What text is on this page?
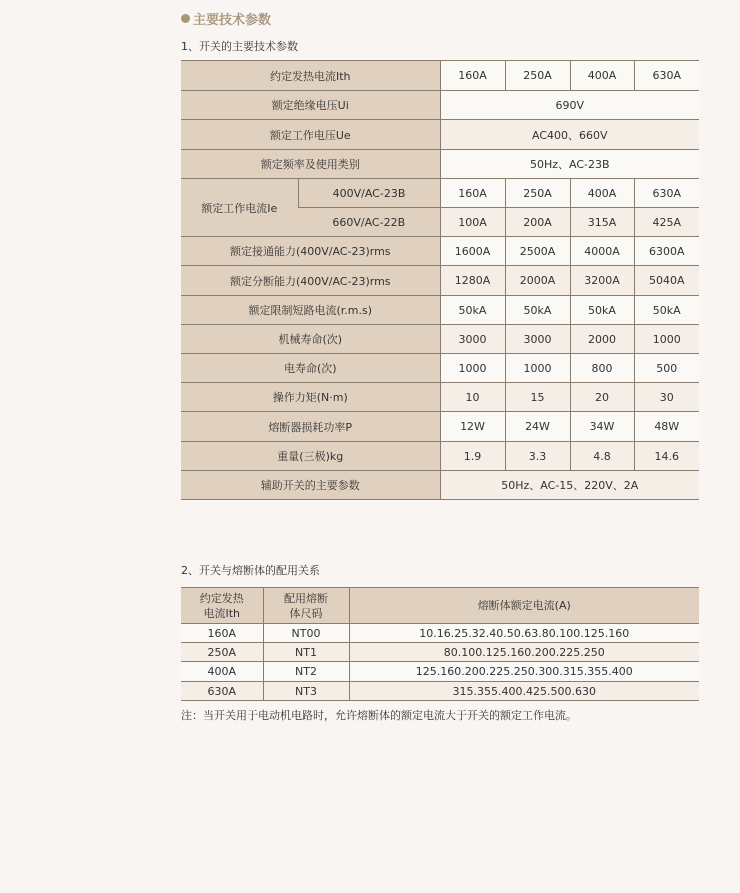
主要技术参数
1、开关的主要技术参数
约定发热电流Ith		160A	250A	400A	630A
额定绝缘电压Ui		690V			
额定工作电压Ue		AC400、660V			
额定频率及使用类别		50Hz、AC-23B			
额定工作电流Ie	400V/AC-23B	160A	250A	400A	630A
	660V/AC-22B	100A	200A	315A	425A
额定接通能力(400V/AC-23)rms		1600A	2500A	4000A	6300A
额定分断能力(400V/AC-23)rms		1280A	2000A	3200A	5040A
额定限制短路电流(r.m.s)		50kA	50kA	50kA	50kA
机械寿命(次)		3000	3000	2000	1000
电寿命(次)		1000	1000	800	500
操作力矩(N·m)		10	15	20	30
熔断器损耗功率P		12W	24W	34W	48W
重量(三极)kg		1.9	3.3	4.8	14.6
辅助开关的主要参数		50Hz、AC-15、220V、2A			
2、开关与熔断体的配用关系
约定发热
电流Ith	配用熔断
体尺码	熔断体额定电流(A)
160A	NT00	10.16.25.32.40.50.63.80.100.125.160
250A	NT1	80.100.125.160.200.225.250
400A	NT2	125.160.200.225.250.300.315.355.400
630A	NT3	315.355.400.425.500.630
注：当开关用于电动机电路时，允许熔断体的额定电流大于开关的额定工作电流。
